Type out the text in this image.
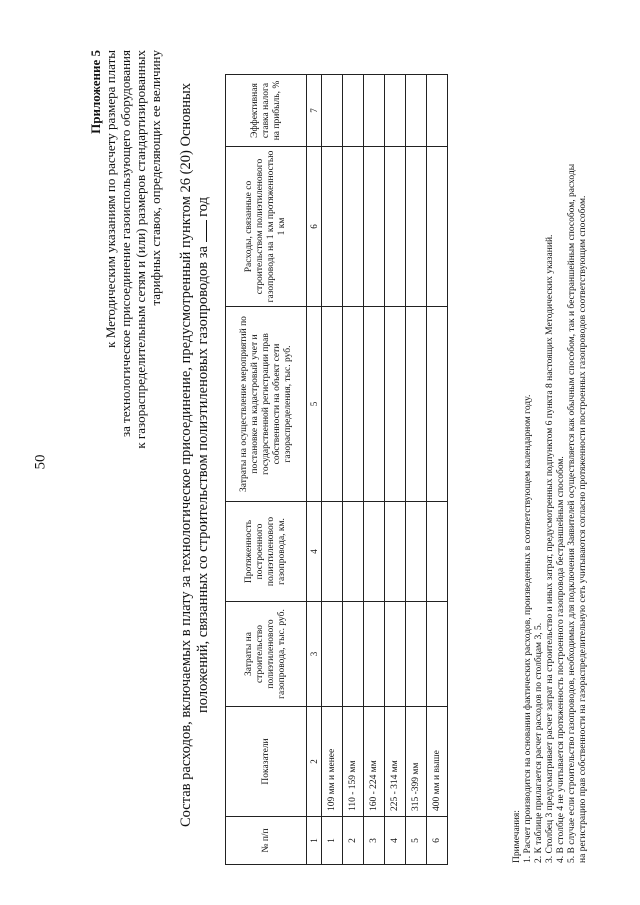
50
Приложение 5 к Методическим указаниям по расчету размера платы за технологическое присоединение газоиспользующего оборудования к газораспределительным сетям и (или) размеров стандартизированных тарифных ставок, определяющих ее величину Состав расходов, включаемых в плату за технологическое присоединение, предусмотренный пунктом 26 (20) Основных положений, связанных со строительством полиэтиленовых газопроводов за  год
№ п/п	Показатели	Затраты на строительство полиэтиленового газопровода, тыс. руб.	Протяженность построенного полиэтиленового газопровода, км.	Затраты на осуществление мероприятий по постановке на кадастровый учет и государственной регистрации прав собственности на объект сети газораспределения, тыс. руб.	Расходы, связанные со строительством полиэтиленового газопровода на 1 км протяженностью 1 км	Эффективная ставка налога на прибыль, %
1	2	3	4	5	6	7
1	109 мм и менее					
2	110 - 159 мм					
3	160 - 224 мм					
4	225 - 314 мм					
5	315 -399 мм					
6	400 мм и выше					
Примечания: 1. Расчет производится на основании фактических расходов, произведенных в соответствующем календарном году. 2. К таблице прилагается расчет расходов по столбцам 3, 5. 3. Столбец 3 предусматривает расчет затрат на строительство и иных затрат, предусмотренных подпунктом 6 пункта 8 настоящих Методических указаний. 4. В столбце 4 не учитывается протяженность построенного газопровода бестраншейным способом. 5. В случае если строительство газопроводов, необходимых для подключения Заявителей осуществляется как обычным способом, так и бестраншейным способом, расходы на регистрацию прав собственности на газораспределительную сеть учитываются согласно протяженности построенных газопроводов соответствующим способом.
